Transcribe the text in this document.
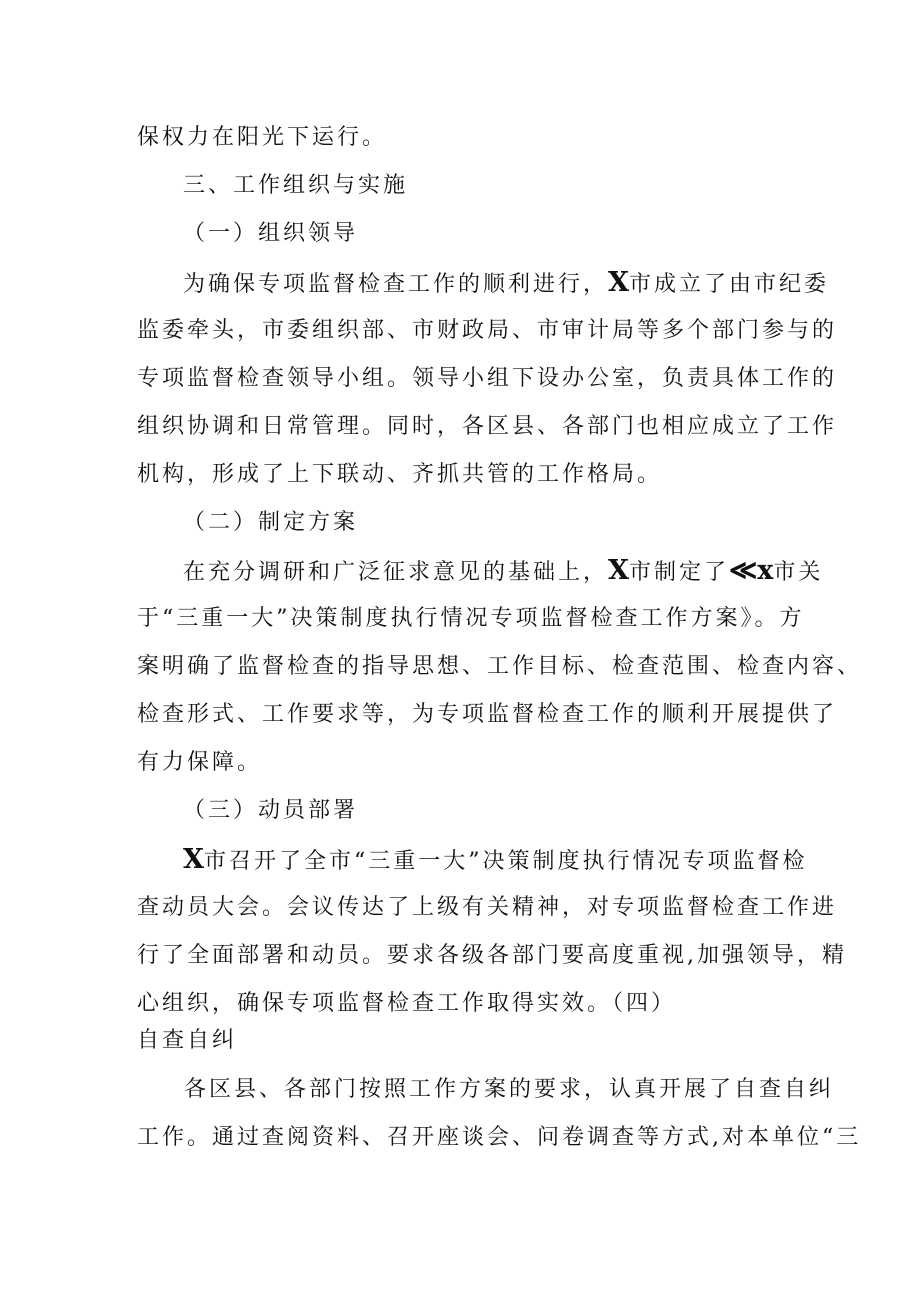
保权力在阳光下运行。
三、工作组织与实施
（一）组织领导
为确保专项监督检查工作的顺利进行，X市成立了由市纪委
监委牵头，市委组织部、市财政局、市审计局等多个部门参与的
专项监督检查领导小组。领导小组下设办公室，负责具体工作的
组织协调和日常管理。同时，各区县、各部门也相应成立了工作
机构，形成了上下联动、齐抓共管的工作格局。
（二）制定方案
在充分调研和广泛征求意见的基础上，X市制定了≪x市关
于“三重一大”决策制度执行情况专项监督检查工作方案》。方
案明确了监督检查的指导思想、工作目标、检查范围、检查内容、
检查形式、工作要求等，为专项监督检查工作的顺利开展提供了
有力保障。
（三）动员部署
X市召开了全市“三重一大”决策制度执行情况专项监督检
查动员大会。会议传达了上级有关精神，对专项监督检查工作进
行了全面部署和动员。要求各级各部门要高度重视,加强领导，精
心组织，确保专项监督检查工作取得实效。（四）
自查自纠
各区县、各部门按照工作方案的要求，认真开展了自查自纠
工作。通过查阅资料、召开座谈会、问卷调查等方式,对本单位“三
